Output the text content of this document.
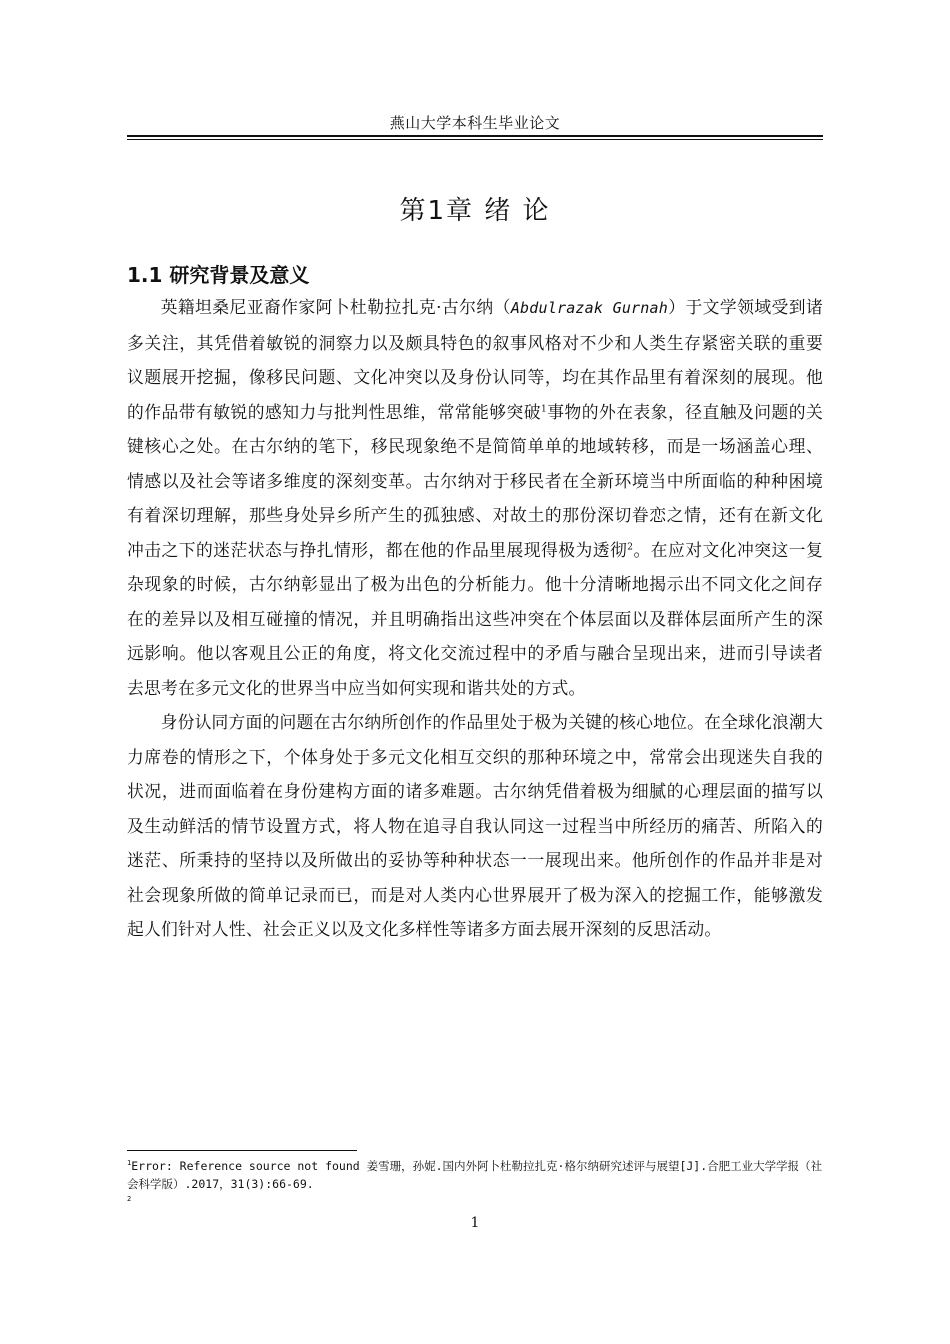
燕山大学本科生毕业论文
第1章 绪 论
1.1 研究背景及意义

英籍坦桑尼亚裔作家阿卜杜勒拉扎克·古尔纳（Abdulrazak Gurnah）于文学领域受到诸多关注，其凭借着敏锐的洞察力以及颇具特色的叙事风格对不少和人类生存紧密关联的重要议题展开挖掘，像移民问题、文化冲突以及身份认同等，均在其作品里有着深刻的展现。他的作品带有敏锐的感知力与批判性思维，常常能够突破$^1$事物的外在表象，径直触及问题的关键核心之处。在古尔纳的笔下，移民现象绝不是简简单单的地域转移，而是一场涵盖心理、情感以及社会等诸多维度的深刻变革。古尔纳对于移民者在全新环境当中所面临的种种困境有着深切理解，那些身处异乡所产生的孤独感、对故土的那份深切眷恋之情，还有在新文化冲击之下的迷茫状态与挣扎情形，都在他的作品里展现得极为透彻$^2$。在应对文化冲突这一复杂现象的时候，古尔纳彰显出了极为出色的分析能力。他十分清晰地揭示出不同文化之间存在的差异以及相互碰撞的情况，并且明确指出这些冲突在个体层面以及群体层面所产生的深远影响。他以客观且公正的角度，将文化交流过程中的矛盾与融合呈现出来，进而引导读者去思考在多元文化的世界当中应当如何实现和谐共处的方式。

身份认同方面的问题在古尔纳所创作的作品里处于极为关键的核心地位。在全球化浪潮大力席卷的情形之下，个体身处于多元文化相互交织的那种环境之中，常常会出现迷失自我的状况，进而面临着在身份建构方面的诸多难题。古尔纳凭借着极为细腻的心理层面的描写以及生动鲜活的情节设置方式，将人物在追寻自我认同这一过程当中所经历的痛苦、所陷入的迷茫、所秉持的坚持以及所做出的妥协等种种状态一一展现出来。他所创作的作品并非是对社会现象所做的简单记录而已，而是对人类内心世界展开了极为深入的挖掘工作，能够激发起人们针对人性、社会正义以及文化多样性等诸多方面去展开深刻的反思活动。

$^1$Error: Reference source not found 姜雪珊，孙妮.国内外阿卜杜勒拉扎克·格尔纳研究述评与展望[J].合肥工业大学学报（社会科学版）.2017，31(3):66-69.

$^2$

1
